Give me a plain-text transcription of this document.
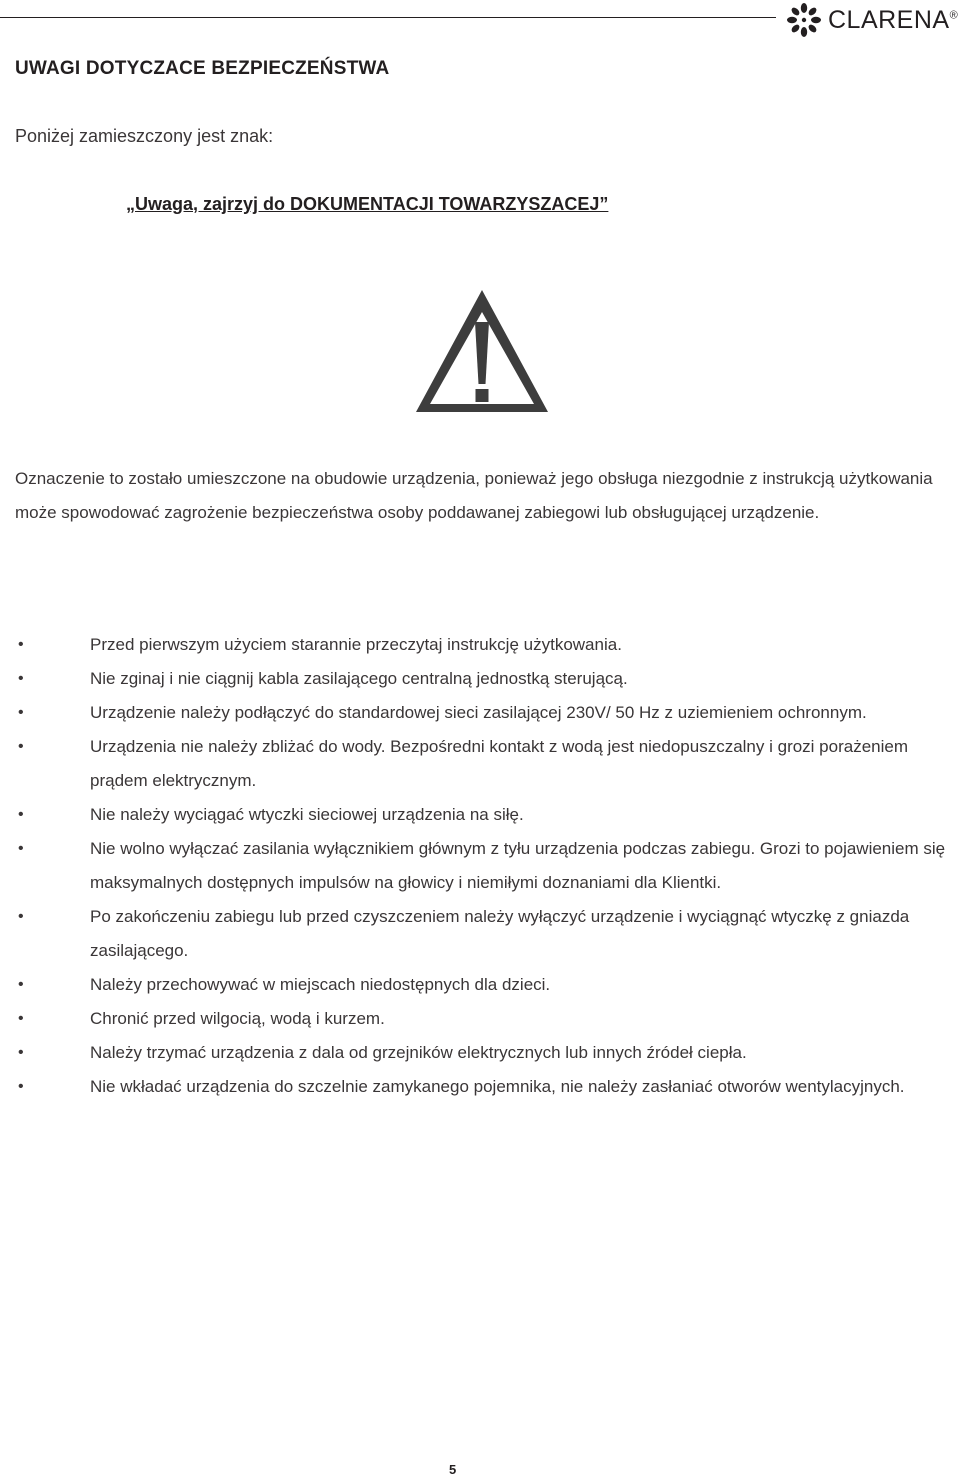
CLARENA®
UWAGI DOTYCZACE BEZPIECZEŃSTWA

Poniżej zamieszczony jest znak:

„Uwaga, zajrzyj do DOKUMENTACJI TOWARZYSZACEJ”

Oznaczenie to zostało umieszczone na obudowie urządzenia, ponieważ jego obsługa niezgodnie z instrukcją użytkowania może spowodować zagrożenie bezpieczeństwa osoby poddawanej zabiegowi lub obsługującej urządzenie.

•	Przed pierwszym użyciem starannie przeczytaj instrukcję użytkowania.
•	Nie zginaj i nie ciągnij kabla zasilającego centralną jednostką sterującą.
•	Urządzenie należy podłączyć do standardowej sieci zasilającej 230V/ 50 Hz z uziemieniem ochronnym.
•	Urządzenia nie należy zbliżać do wody. Bezpośredni kontakt z wodą jest niedopuszczalny i grozi porażeniem prądem elektrycznym.
•	Nie należy wyciągać wtyczki sieciowej urządzenia na siłę.
•	Nie wolno wyłączać zasilania wyłącznikiem głównym z tyłu urządzenia podczas zabiegu. Grozi to pojawieniem się maksymalnych dostępnych impulsów na głowicy i niemiłymi doznaniami dla Klientki.
•	Po zakończeniu zabiegu lub przed czyszczeniem należy wyłączyć urządzenie i wyciągnąć wtyczkę z gniazda zasilającego.
•	Należy przechowywać w miejscach niedostępnych dla dzieci.
•	Chronić przed wilgocią, wodą i kurzem.
•	Należy trzymać urządzenia z dala od grzejników elektrycznych lub innych źródeł ciepła.
•	Nie wkładać urządzenia do szczelnie zamykanego pojemnika, nie należy zasłaniać otworów wentylacyjnych.

5
